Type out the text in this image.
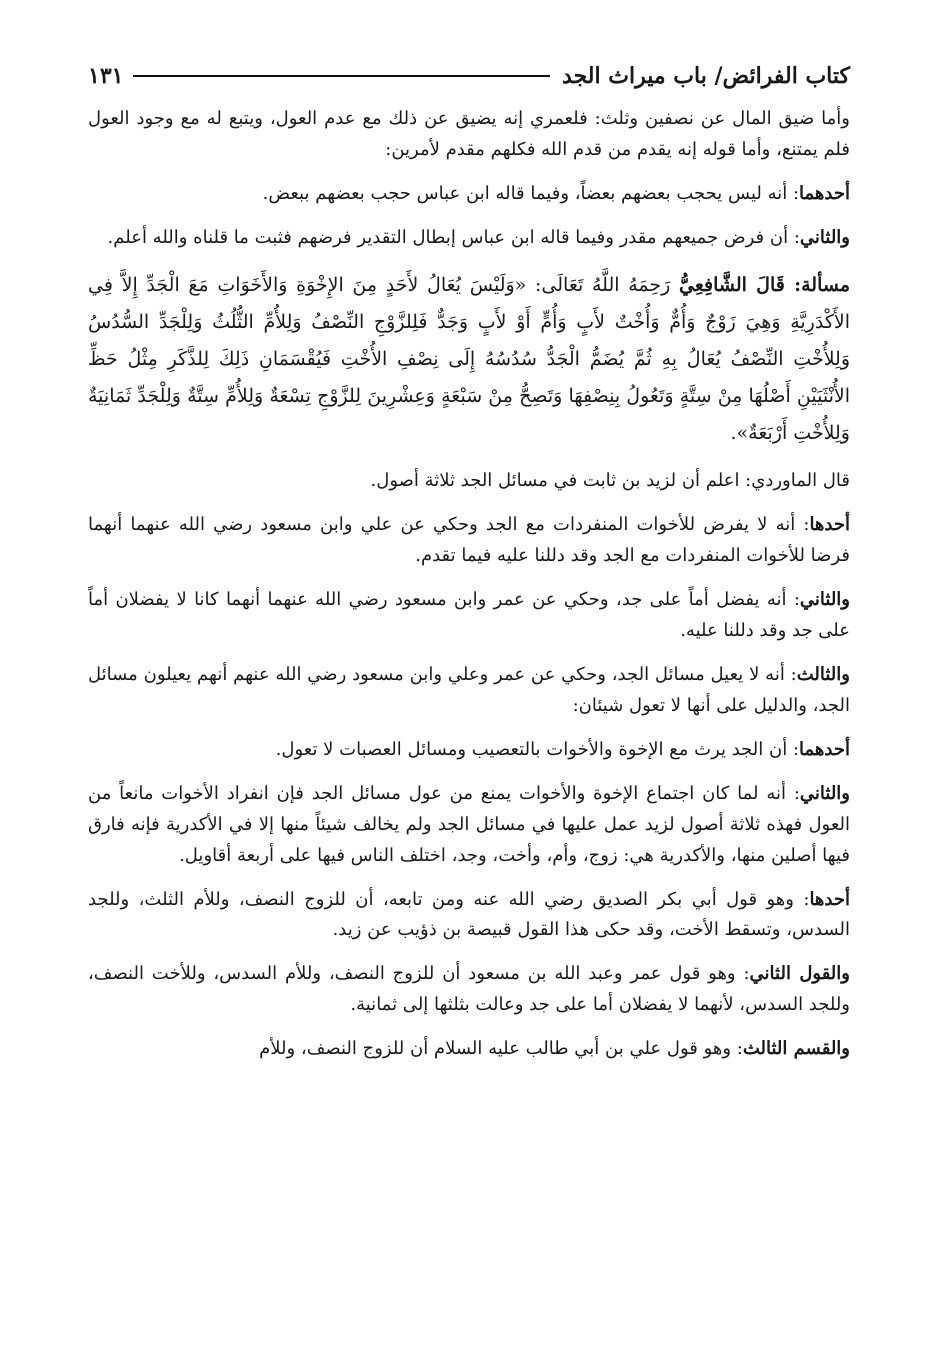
كتاب الفرائض/ باب ميراث الجد
١٣١

وأما ضيق المال عن نصفين وثلث: فلعمري إنه يضيق عن ذلك مع عدم العول، ويتبع له مع وجود العول فلم يمتنع، وأما قوله إنه يقدم من قدم الله فكلهم مقدم لأمرين:

أحدهما: أنه ليس يحجب بعضهم بعضاً، وفيما قاله ابن عباس حجب بعضهم ببعض.

والثاني: أن فرض جميعهم مقدر وفيما قاله ابن عباس إبطال التقدير فرضهم فثبت ما قلناه والله أعلم.

مسألة: قَالَ الشَّافِعِيُّ رَحِمَهُ اللَّهُ تَعَالَى: «وَلَيْسَ يُعَالُ لأَحَدٍ مِنَ الإِخْوَةِ وَالأَخَوَاتِ مَعَ الْجَدِّ إِلاَّ فِي الأَكْدَرِيَّةِ وَهِيَ زَوْجٌ وَأُمٌّ وَأُخْتٌ لأَبٍ وَأُمٍّ أَوْ لأَبٍ وَجَدٌّ فَلِلزَّوْجِ النِّصْفُ وَلِلأُمِّ الثُّلُثُ وَلِلْجَدِّ السُّدُسُ وَلِلأُخْتِ النِّصْفُ يُعَالُ بِهِ ثُمَّ يُضَمُّ الْجَدُّ سُدُسُهُ إِلَى نِصْفِ الأُخْتِ فَيُقْسَمَانِ ذَلِكَ لِلذَّكَرِ مِثْلُ حَظِّ الأُنْثَيَيْنِ أَصْلُهَا مِنْ سِتَّةٍ وَتَعُولُ بِنِصْفِهَا وَتَصِحُّ مِنْ سَبْعَةٍ وَعِشْرِينَ لِلزَّوْجِ تِسْعَةٌ وَلِلأُمِّ سِتَّةٌ وَلِلْجَدِّ ثَمَانِيَةٌ وَلِلأُخْتِ أَرْبَعَةٌ».

قال الماوردي: اعلم أن لزيد بن ثابت في مسائل الجد ثلاثة أصول.

أحدها: أنه لا يفرض للأخوات المنفردات مع الجد وحكي عن علي وابن مسعود رضي الله عنهما أنهما فرضا للأخوات المنفردات مع الجد وقد دللنا عليه فيما تقدم.

والثاني: أنه يفضل أماً على جد، وحكي عن عمر وابن مسعود رضي الله عنهما أنهما كانا لا يفضلان أماً على جد وقد دللنا عليه.

والثالث: أنه لا يعيل مسائل الجد، وحكي عن عمر وعلي وابن مسعود رضي الله عنهم أنهم يعيلون مسائل الجد، والدليل على أنها لا تعول شيئان:

أحدهما: أن الجد يرث مع الإخوة والأخوات بالتعصيب ومسائل العصبات لا تعول.

والثاني: أنه لما كان اجتماع الإخوة والأخوات يمنع من عول مسائل الجد فإن انفراد الأخوات مانعاً من العول فهذه ثلاثة أصول لزيد عمل عليها في مسائل الجد ولم يخالف شيئاً منها إلا في الأكدرية فإنه فارق فيها أصلين منها، والأكدرية هي: زوج، وأم، وأخت، وجد، اختلف الناس فيها على أربعة أقاويل.

أحدها: وهو قول أبي بكر الصديق رضي الله عنه ومن تابعه، أن للزوج النصف، وللأم الثلث، وللجد السدس، وتسقط الأخت، وقد حكى هذا القول قبيصة بن ذؤيب عن زيد.

والقول الثاني: وهو قول عمر وعبد الله بن مسعود أن للزوج النصف، وللأم السدس، وللأخت النصف، وللجد السدس، لأنهما لا يفضلان أما على جد وعالت بثلثها إلى ثمانية.

والقسم الثالث: وهو قول علي بن أبي طالب عليه السلام أن للزوج النصف، وللأم
